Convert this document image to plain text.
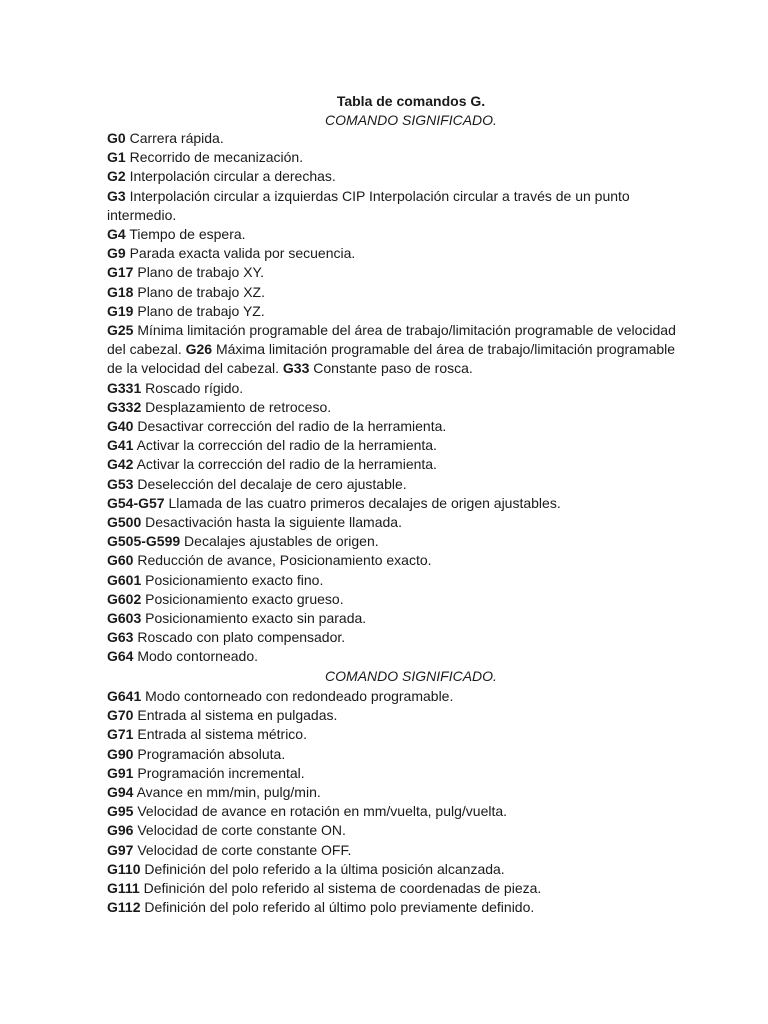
Tabla de comandos G.
COMANDO SIGNIFICADO.
G0 Carrera rápida.
G1 Recorrido de mecanización.
G2 Interpolación circular a derechas.
G3 Interpolación circular a izquierdas CIP Interpolación circular a través de un punto intermedio.
G4 Tiempo de espera.
G9 Parada exacta valida por secuencia.
G17 Plano de trabajo XY.
G18 Plano de trabajo XZ.
G19 Plano de trabajo YZ.
G25 Mínima limitación programable del área de trabajo/limitación programable de velocidad del cabezal. G26 Máxima limitación programable del área de trabajo/limitación programable de la velocidad del cabezal. G33 Constante paso de rosca.
G331 Roscado rígido.
G332 Desplazamiento de retroceso.
G40 Desactivar corrección del radio de la herramienta.
G41 Activar la corrección del radio de la herramienta.
G42 Activar la corrección del radio de la herramienta.
G53 Deselección del decalaje de cero ajustable.
G54-G57 Llamada de las cuatro primeros decalajes de origen ajustables.
G500 Desactivación hasta la siguiente llamada.
G505-G599 Decalajes ajustables de origen.
G60 Reducción de avance, Posicionamiento exacto.
G601 Posicionamiento exacto fino.
G602 Posicionamiento exacto grueso.
G603 Posicionamiento exacto sin parada.
G63 Roscado con plato compensador.
G64 Modo contorneado.
COMANDO SIGNIFICADO.
G641 Modo contorneado con redondeado programable.
G70 Entrada al sistema en pulgadas.
G71 Entrada al sistema métrico.
G90 Programación absoluta.
G91 Programación incremental.
G94 Avance en mm/min, pulg/min.
G95 Velocidad de avance en rotación en mm/vuelta, pulg/vuelta.
G96 Velocidad de corte constante ON.
G97 Velocidad de corte constante OFF.
G110 Definición del polo referido a la última posición alcanzada.
G111 Definición del polo referido al sistema de coordenadas de pieza.
G112 Definición del polo referido al último polo previamente definido.
